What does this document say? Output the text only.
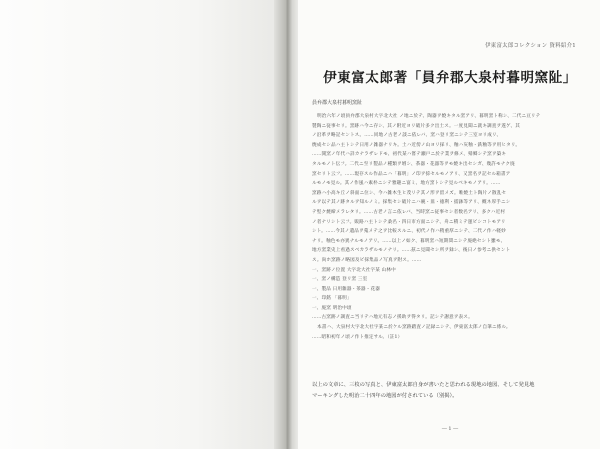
伊東富太郎コレクション 資料紹介1
伊東富太郎著「員弁郡大泉村暮明窯阯」
員弁郡大泉村暮明窯阯
明治六年ノ頃員弁郡大泉村大字北大社 ノ地ニ於テ、陶器ヲ焼キタル窯アリ、暮明窯ト称シ、二代ニ亘リテ
製陶ニ従事セリ。窯跡ハ今ニ存シ、其ノ附近ヨリ破片多ク出土ス。一度見聞ニ就キ調査ヲ遂ゲ、其
ノ沿革ヲ略記セントス。……同地ノ古老ノ談ニ依レバ、窯ハ登リ窯ニシテ三室ヨリ成リ、
焼成セシ品ハ主トシテ日用ノ雑器ナリキ。土ハ近傍ノ山ヨリ採リ、釉ハ灰釉・鉄釉等ヲ用ヒタリ。
……開窯ノ年代ハ詳カナラザレドモ、初代某ハ嘗テ瀬戸ニ於テ業ヲ修メ、帰郷シテ窯ヲ築キ
タルモノト伝フ。二代ニ至リ製品ノ種類ヲ増シ、茶器・花器等ヲモ焼キ出セシガ、幾許モナク廃
窯セリト云フ。……現存スル作品ニハ「暮明」ノ印ヲ捺セルモノアリ、又窯名ヲ記セル箱書ア
ルモノモ見ル。其ノ作風ハ素朴ニシテ雅趣ニ富ミ、地方窯トシテ見ルベキモノアリ。……
窯跡ハ小高キ丘ノ斜面ニ位シ、今ハ雑木生ヒ茂リテ其ノ形ヲ留メズ。唯焼土ト陶片ノ散乱セ
ルヲ以テ其ノ跡タルヲ知ルノミ。採集セシ破片ニハ碗・皿・徳利・擂鉢等アリ、概ネ厚手ニシ
テ堅ク焼締メラレタリ。……古老ノ言ニ依レバ、当時窯ニ従事セシ者数名アリ、多クハ近村
ノ者ナリシト云フ。販路ハ主トシテ桑名・四日市方面ニシテ、舟ニ積ミテ運ビシコトモアリ
シト。……今其ノ遺品ヲ蒐メテ之ヲ比較スルニ、初代ノ作ハ稍重厚ニシテ、二代ノ作ハ軽妙
ナリ。釉色モ亦異ナルモノアリ。……以上ノ如ク、暮明窯ハ短期間ニシテ廃絶セシト雖モ、
地方窯業史上看過スベカラザルモノナリ。……茲ニ見聞セシ所ヲ録シ、後日ノ参考ニ供セント
ス。尚ホ窯跡ノ略図及ビ採集品ノ写真ヲ附ス。……
一、窯跡ノ位置 大字北大社字某 山林中
一、窯ノ構造 登リ窯 三室
一、製品 日用雑器・茶器・花器
一、印銘 「暮明」
一、廃窯 明治中頃
……古窯跡ノ調査ニ当リテハ地元有志ノ援助ヲ得タリ。記シテ謝意ヲ表ス。
本書ハ、大泉村大字北大社字某ニ於ケル窯跡踏査ノ記録ニシテ、伊東富太郎ノ自筆ニ係ル。
……昭和初年ノ頃ノ作ト推定サル。（註1）
以上の文章に、三枚の写真と、伊東富太郎自身が書いたと思われる現地の地図、そして発見地
マーキングした明治二十四年の地図が付されている（別掲）。
― 1 ―
